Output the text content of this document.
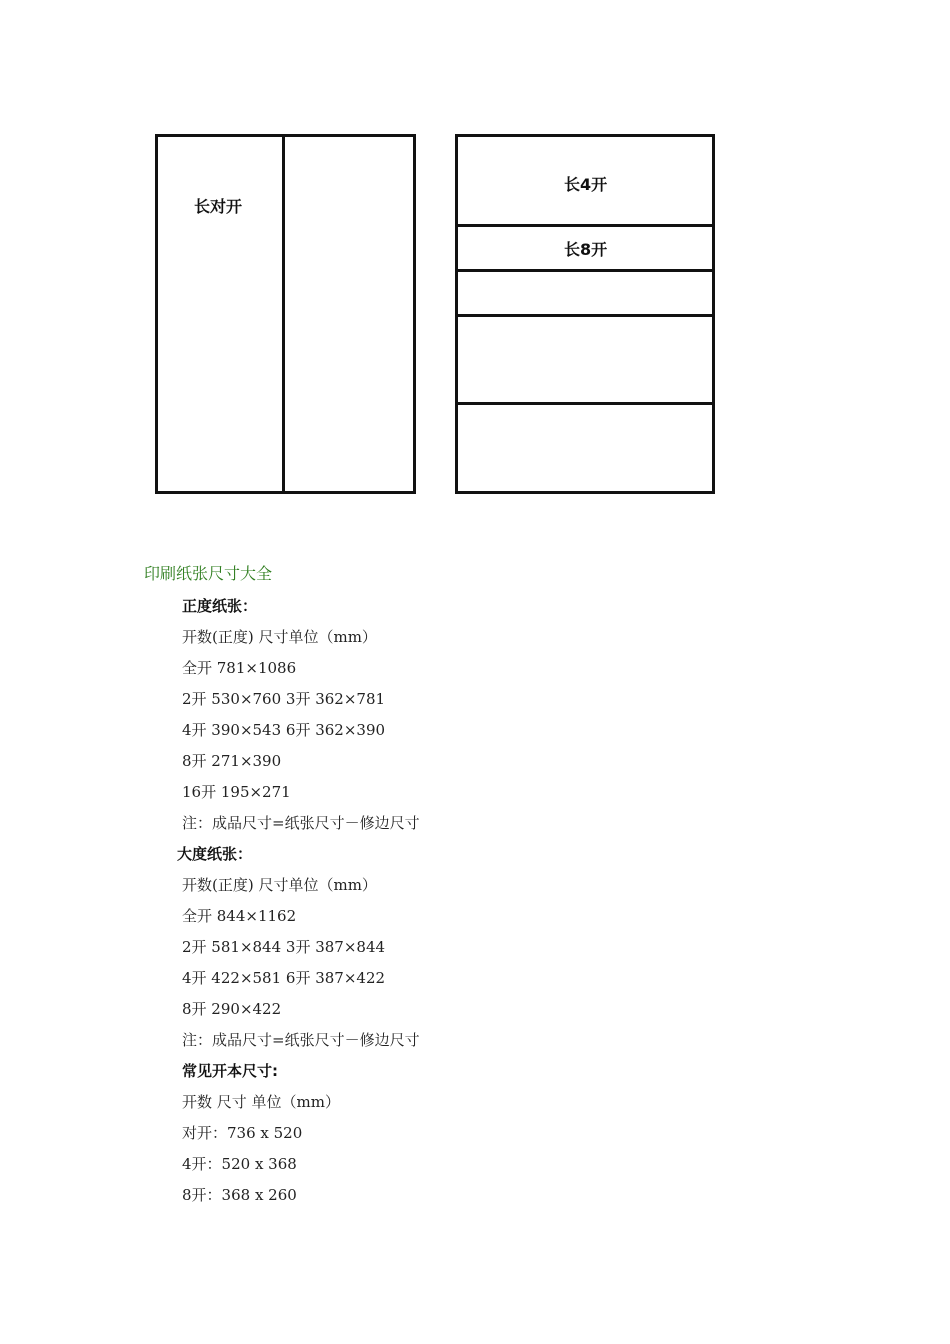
长对开
长4开
长8开
印刷纸张尺寸大全
正度纸张：
开数(正度) 尺寸单位（mm）
全开 781×1086
2开 530×760 3开 362×781
4开 390×543 6开 362×390
8开 271×390
16开 195×271
注：成品尺寸=纸张尺寸－修边尺寸
大度纸张：
开数(正度) 尺寸单位（mm）
全开 844×1162
2开 581×844 3开 387×844
4开 422×581 6开 387×422
8开 290×422
注：成品尺寸=纸张尺寸－修边尺寸
常见开本尺寸:
开数 尺寸 单位（mm）
对开：736 x 520
4开：520 x 368
8开：368 x 260
